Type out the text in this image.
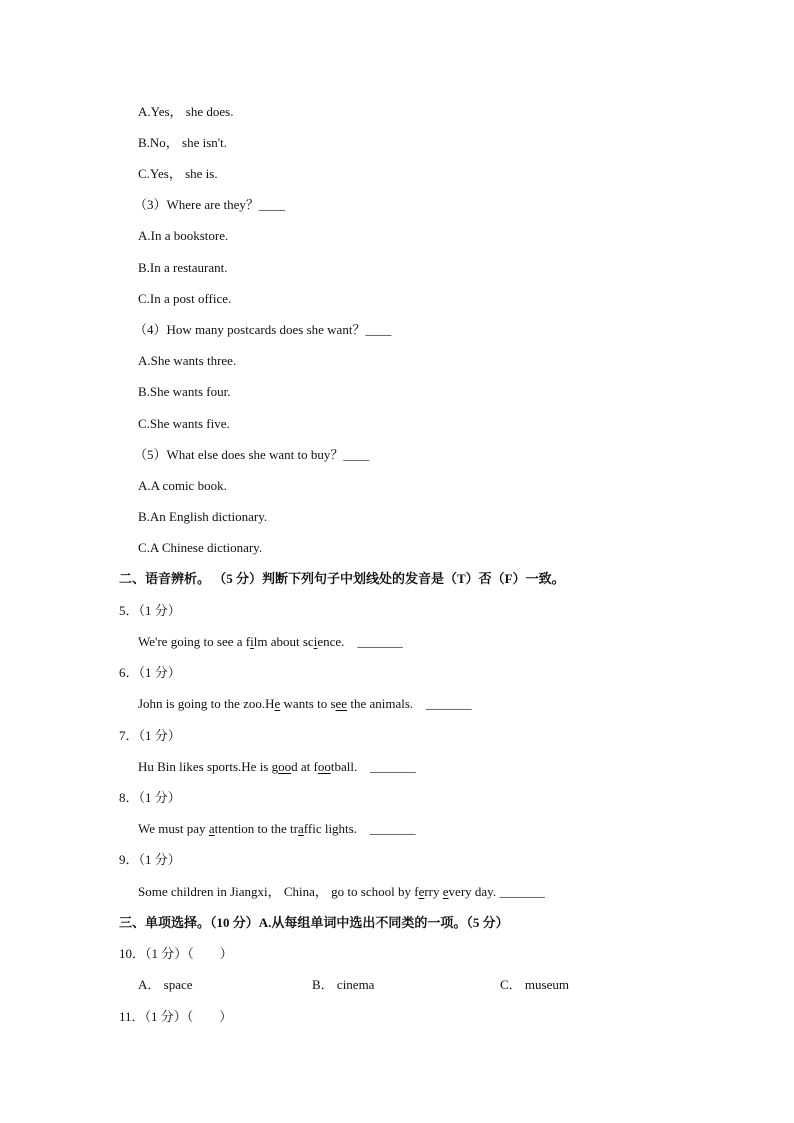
A.Yes， she does.
B.No， she isn't.
C.Yes， she is.
（3）Where are they？____
A.In a bookstore.
B.In a restaurant.
C.In a post office.
（4）How many postcards does she want？____
A.She wants three.
B.She wants four.
C.She wants five.
（5）What else does she want to buy？____
A.A comic book.
B.An English dictionary.
C.A Chinese dictionary.
二、语音辨析。 （5 分）判断下列句子中划线处的发音是（T）否（F）一致。
5．（1 分）
We're going to see a film about science. _______
6．（1 分）
John is going to the zoo.He wants to see the animals. _______
7．（1 分）
Hu Bin likes sports.He is good at football. _______
8．（1 分）
We must pay attention to the traffic lights. _______
9．（1 分）
Some children in Jiangxi， China， go to school by ferry every day. _______
三、单项选择。（10 分）A.从每组单词中选出不同类的一项。（5 分）
10．（1 分）（　　）
A． space	B． cinema	C． museum
11．（1 分）（　　）
